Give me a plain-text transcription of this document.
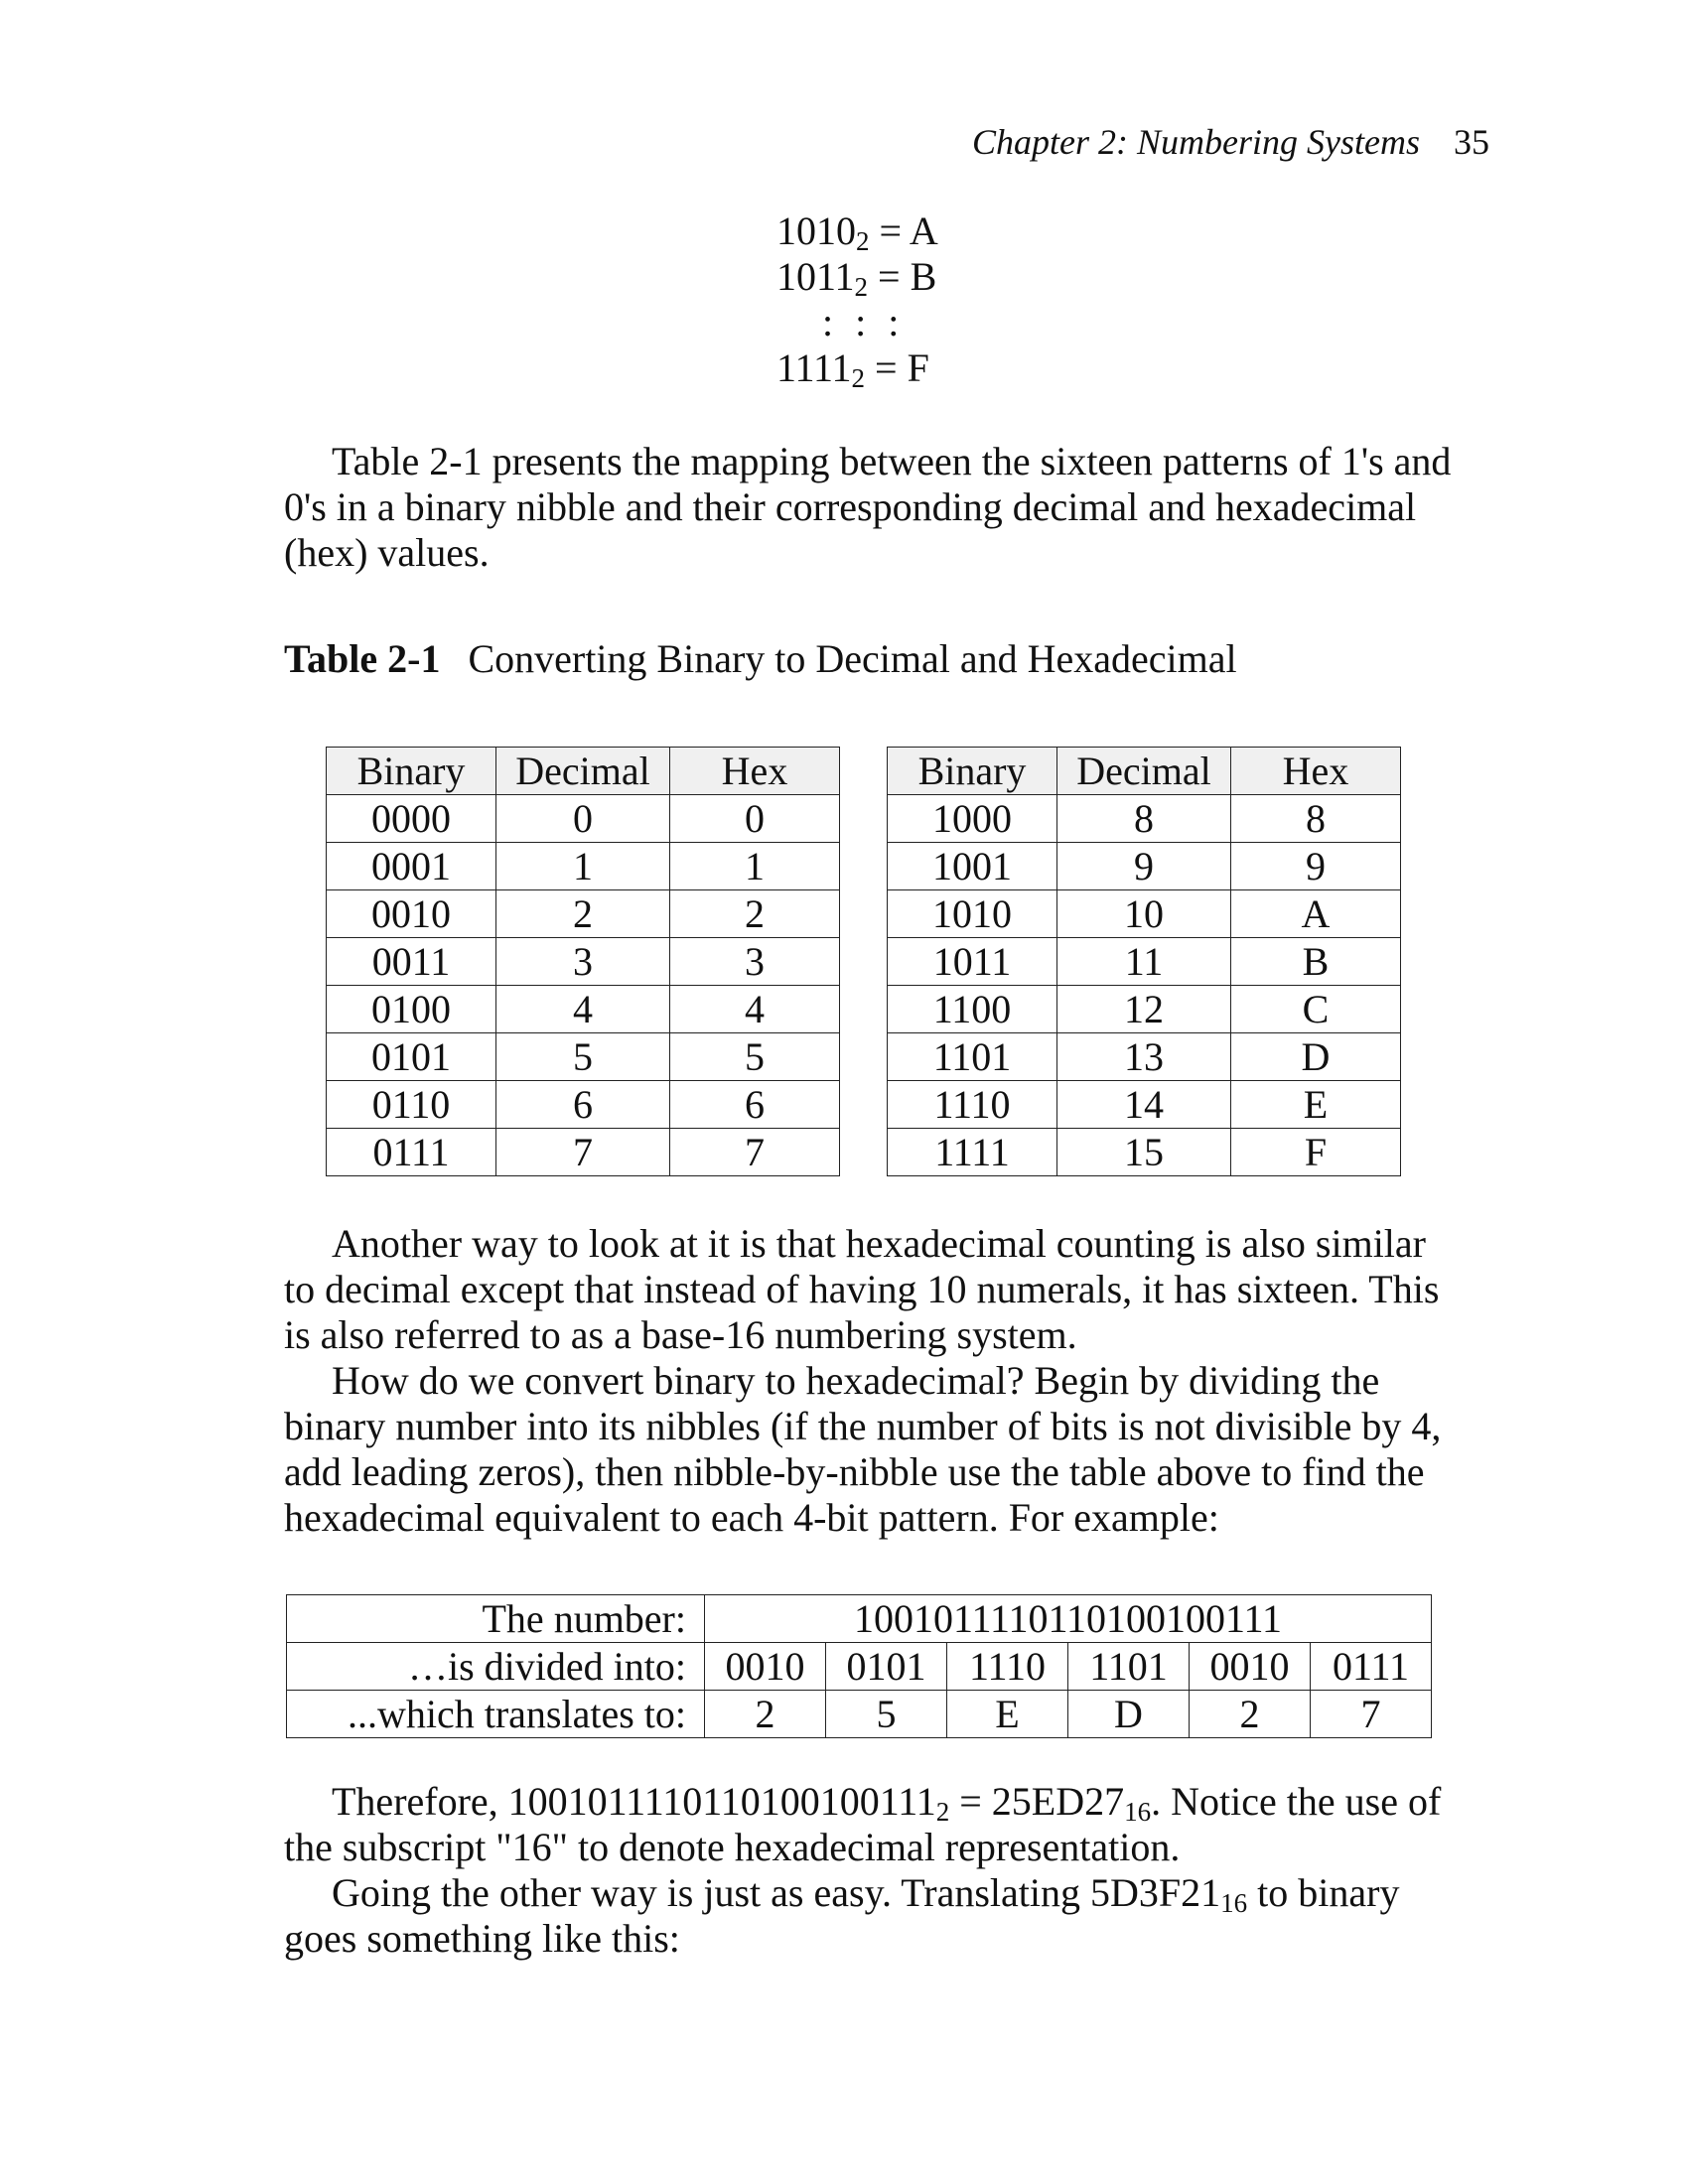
Chapter 2: Numbering Systems 35
$1010_2 = A$
$1011_2 = B$
: : :
$1111_2 = F$

Table 2-1 presents the mapping between the sixteen patterns of 1's and 0's in a binary nibble and their corresponding decimal and hexadecimal (hex) values.

Table 2-1 Converting Binary to Decimal and Hexadecimal
Binary	Decimal	Hex
0000	0	0
0001	1	1
0010	2	2
0011	3	3
0100	4	4
0101	5	5
0110	6	6
0111	7	7
Binary	Decimal	Hex
1000	8	8
1001	9	9
1010	10	A
1011	11	B
1100	12	C
1101	13	D
1110	14	E
1111	15	F

Another way to look at it is that hexadecimal counting is also similar to decimal except that instead of having 10 numerals, it has sixteen. This is also referred to as a base-16 numbering system.

How do we convert binary to hexadecimal? Begin by dividing the binary number into its nibbles (if the number of bits is not divisible by 4, add leading zeros), then nibble-by-nibble use the table above to find the hexadecimal equivalent to each 4-bit pattern. For example:

The number:	1001011110110100100111					
…is divided into:	0010	0101	1110	1101	0010	0111
...which translates to:	2	5	E	D	2	7

Therefore, $1001011110110100100111_2 = 25ED27_{16}$. Notice the use of the subscript "16" to denote hexadecimal representation.

Going the other way is just as easy. Translating $5D3F21_{16}$ to binary goes something like this:
